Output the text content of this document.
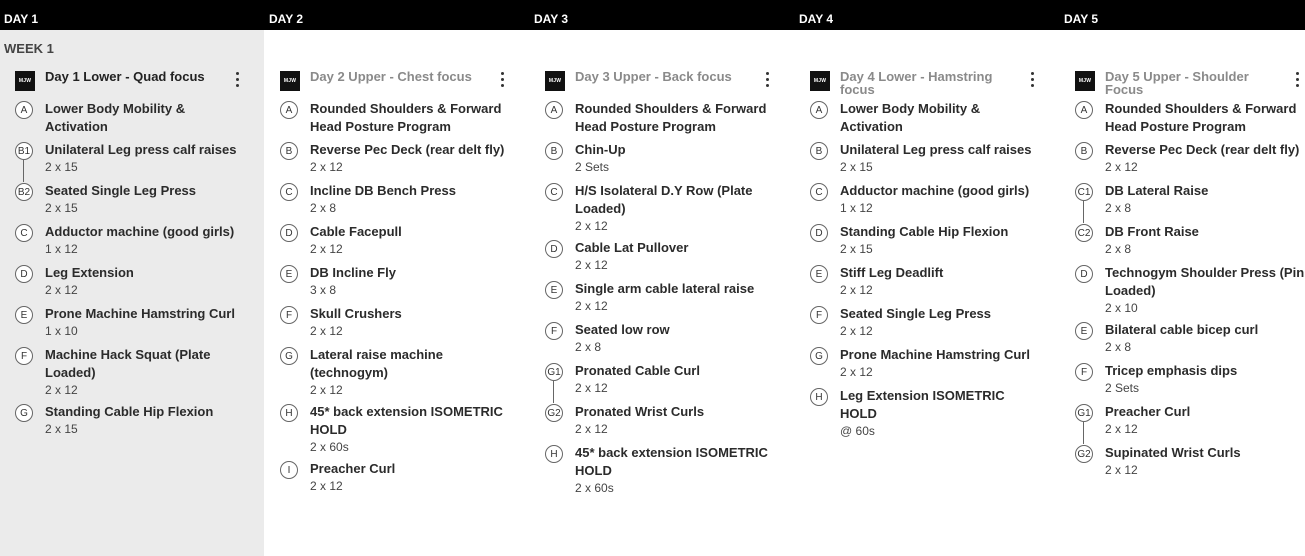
DAY 1	DAY 2	DAY 3	DAY 4	DAY 5
WEEK 1
MJW Day 1 Lower - Quad focus
A	Lower Body Mobility & Activation
B1 Unilateral Leg press calf raises
2 x 15
B2 Seated Single Leg Press
2 x 15
C	Adductor machine (good girls)
1 x 12
D	Leg Extension
2 x 12
E	Prone Machine Hamstring Curl
1 x 10
F	Machine Hack Squat (Plate Loaded)
2 x 12
G	Standing Cable Hip Flexion
2 x 15
MJW Day 2 Upper - Chest focus
A	Rounded Shoulders & Forward Head Posture Program
B	Reverse Pec Deck (rear delt fly)
2 x 12
C	Incline DB Bench Press
2 x 8
D	Cable Facepull
2 x 12
E	DB Incline Fly
3 x 8
F	Skull Crushers
2 x 12
G	Lateral raise machine (technogym)
2 x 12
H	45* back extension ISOMETRIC HOLD
2 x 60s
I	Preacher Curl
2 x 12
MJW Day 3 Upper - Back focus
A	Rounded Shoulders & Forward Head Posture Program
B	Chin-Up
2 Sets
C	H/S Isolateral D.Y Row (Plate Loaded)
2 x 12
D	Cable Lat Pullover
2 x 12
E	Single arm cable lateral raise
2 x 12
F	Seated low row
2 x 8
G1 Pronated Cable Curl
2 x 12
G2 Pronated Wrist Curls
2 x 12
H	45* back extension ISOMETRIC HOLD
2 x 60s
MJW Day 4 Lower - Hamstring focus
A	Lower Body Mobility & Activation
B	Unilateral Leg press calf raises
2 x 15
C	Adductor machine (good girls)
1 x 12
D	Standing Cable Hip Flexion
2 x 15
E	Stiff Leg Deadlift
2 x 12
F	Seated Single Leg Press
2 x 12
G	Prone Machine Hamstring Curl
2 x 12
H	Leg Extension ISOMETRIC HOLD
@ 60s
MJW Day 5 Upper - Shoulder Focus
A	Rounded Shoulders & Forward Head Posture Program
B	Reverse Pec Deck (rear delt fly)
2 x 12
C1 DB Lateral Raise
2 x 8
C2 DB Front Raise
2 x 8
D	Technogym Shoulder Press (Pin Loaded)
2 x 10
E	Bilateral cable bicep curl
2 x 8
F	Tricep emphasis dips
2 Sets
G1 Preacher Curl
2 x 12
G2 Supinated Wrist Curls
2 x 12
